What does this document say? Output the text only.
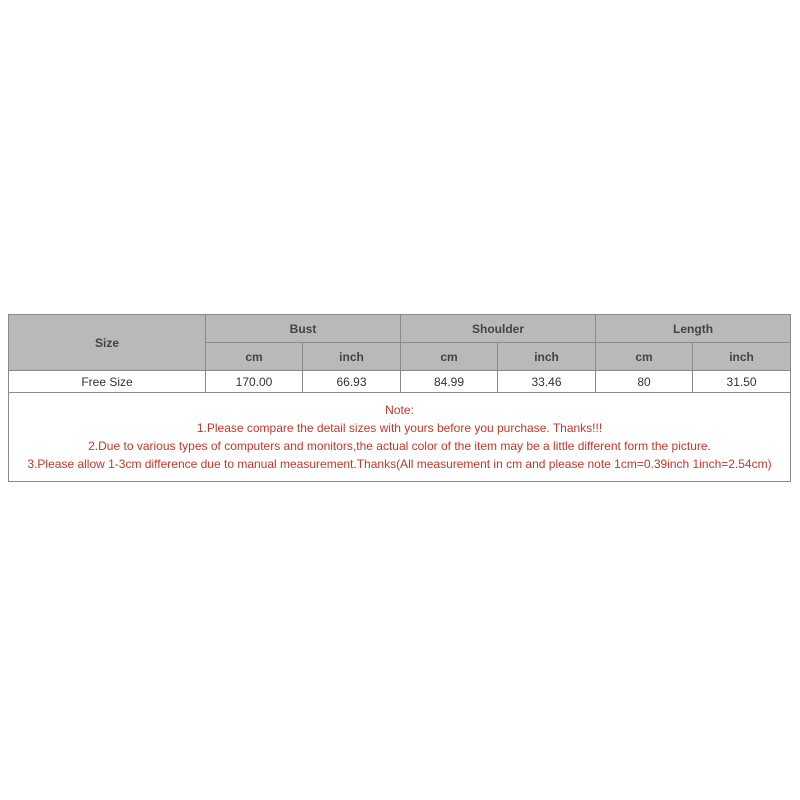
Size	Bust		Shoulder		Length	
	cm	inch	cm	inch	cm	inch
Free Size	170.00	66.93	84.99	33.46	80	31.50

Note:
1.Please compare the detail sizes with yours before you purchase. Thanks!!!
2.Due to various types of computers and monitors,the actual color of the item may be a little different form the picture.
3.Please allow 1-3cm difference due to manual measurement.Thanks(All measurement in cm and please note 1cm=0.39inch 1inch=2.54cm)						
